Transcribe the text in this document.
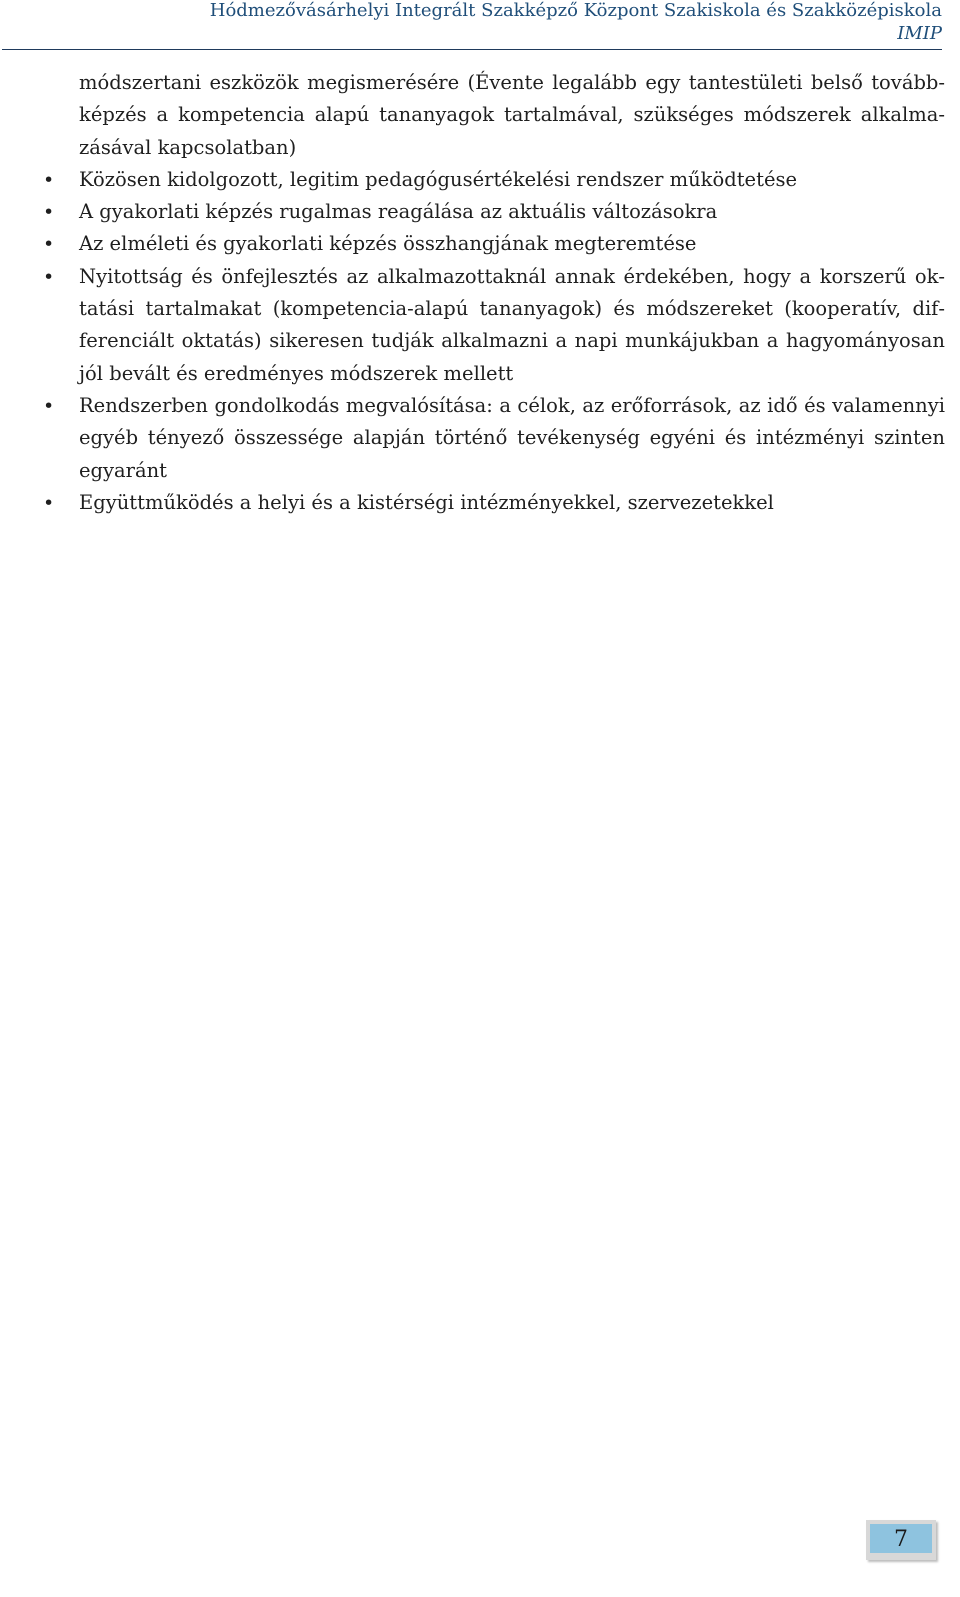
Hódmezővásárhelyi Integrált Szakképző Központ Szakiskola és Szakközépiskola
IMIP

módszertani eszközök megismerésére (Évente legalább egy tantestületi belső továbbképzés a kompetencia alapú tananyagok tartalmával, szükséges módszerek alkalmazásával kapcsolatban)

• Közösen kidolgozott, legitim pedagógusértékelési rendszer működtetése
• A gyakorlati képzés rugalmas reagálása az aktuális változásokra
• Az elméleti és gyakorlati képzés összhangjának megteremtése
• Nyitottság és önfejlesztés az alkalmazottaknál annak érdekében, hogy a korszerű oktatási tartalmakat (kompetencia-alapú tananyagok) és módszereket (kooperatív, differenciált oktatás) sikeresen tudják alkalmazni a napi munkájukban a hagyományosan jól bevált és eredményes módszerek mellett
• Rendszerben gondolkodás megvalósítása: a célok, az erőforrások, az idő és valamennyi egyéb tényező összessége alapján történő tevékenység egyéni és intézményi szinten egyaránt
• Együttműködés a helyi és a kistérségi intézményekkel, szervezetekkel
7
